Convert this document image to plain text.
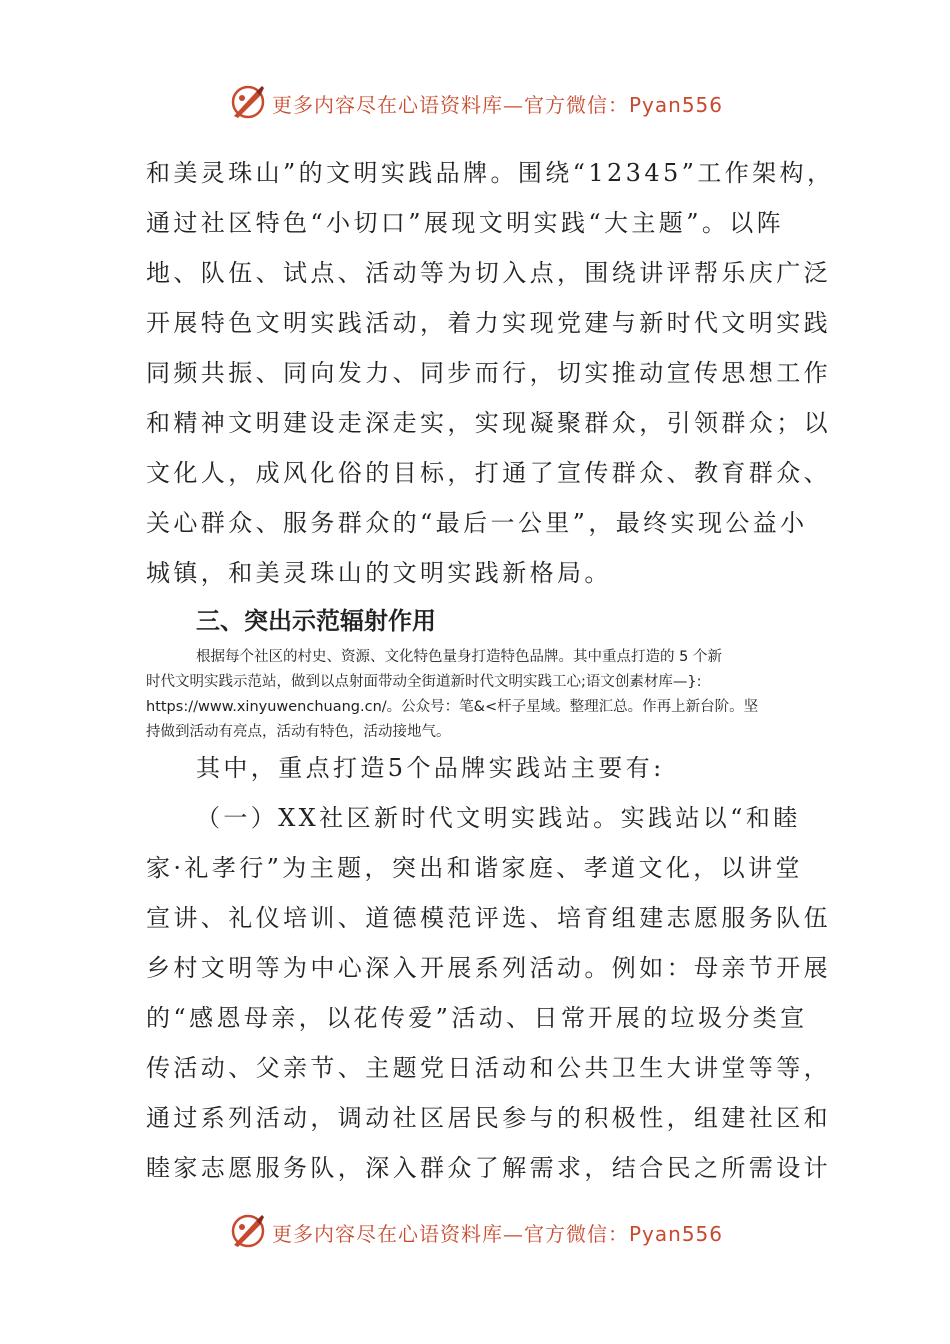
更多内容尽在心语资料库—官方微信：Pyan556
和美灵珠山”的文明实践品牌。围绕“12345”工作架构，
通过社区特色“小切口”展现文明实践“大主题”。以阵
地、队伍、试点、活动等为切入点，围绕讲评帮乐庆广泛
开展特色文明实践活动，着力实现党建与新时代文明实践
同频共振、同向发力、同步而行，切实推动宣传思想工作
和精神文明建设走深走实，实现凝聚群众，引领群众；以
文化人，成风化俗的目标，打通了宣传群众、教育群众、
关心群众、服务群众的“最后一公里”，最终实现公益小
城镇，和美灵珠山的文明实践新格局。
三、突出示范辐射作用
根据每个社区的村史、资源、文化特色量身打造特色品牌。其中重点打造的 5 个新
时代文明实践示范站，做到以点射面带动全街道新时代文明实践工心;语文创素材库—}:
https://www.xinyuwenchuang.cn/。公众号：笔&<杆子星域。整理汇总。作再上新台阶。坚
持做到活动有亮点，活动有特色，活动接地气。
其中，重点打造5个品牌实践站主要有:
（一）XX社区新时代文明实践站。实践站以“和睦
家·礼孝行”为主题，突出和谐家庭、孝道文化，以讲堂
宣讲、礼仪培训、道德模范评选、培育组建志愿服务队伍
乡村文明等为中心深入开展系列活动。例如：母亲节开展
的“感恩母亲，以花传爱”活动、日常开展的垃圾分类宣
传活动、父亲节、主题党日活动和公共卫生大讲堂等等，
通过系列活动，调动社区居民参与的积极性，组建社区和
睦家志愿服务队，深入群众了解需求，结合民之所需设计
更多内容尽在心语资料库—官方微信：Pyan556
